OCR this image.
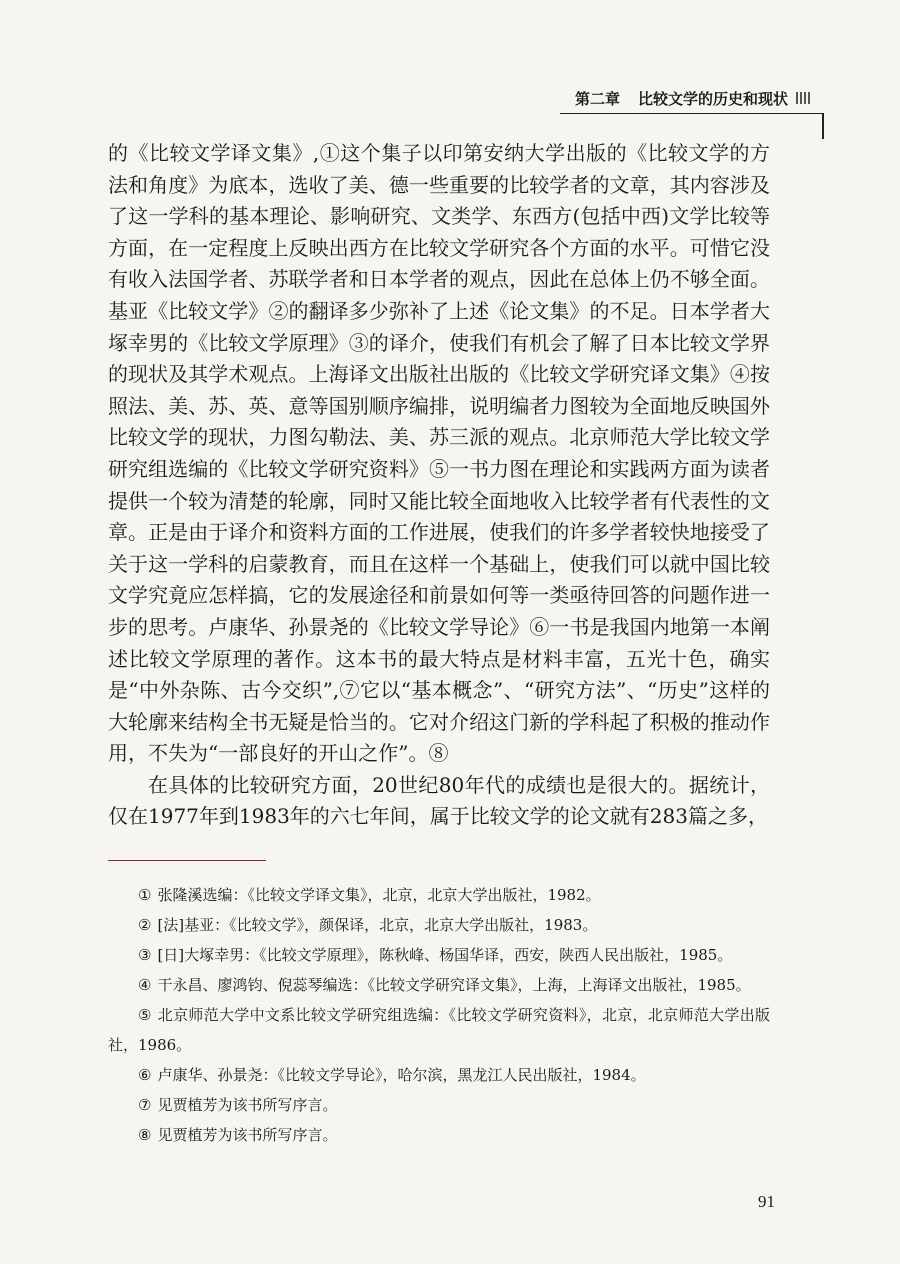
第二章 比较文学的历史和现状

的《比较文学译文集》,①这个集子以印第安纳大学出版的《比较文学的方法和角度》为底本，选收了美、德一些重要的比较学者的文章，其内容涉及了这一学科的基本理论、影响研究、文类学、东西方(包括中西)文学比较等方面，在一定程度上反映出西方在比较文学研究各个方面的水平。可惜它没有收入法国学者、苏联学者和日本学者的观点，因此在总体上仍不够全面。基亚《比较文学》②的翻译多少弥补了上述《论文集》的不足。日本学者大塚幸男的《比较文学原理》③的译介，使我们有机会了解了日本比较文学界的现状及其学术观点。上海译文出版社出版的《比较文学研究译文集》④按照法、美、苏、英、意等国别顺序编排，说明编者力图较为全面地反映国外比较文学的现状，力图勾勒法、美、苏三派的观点。北京师范大学比较文学研究组选编的《比较文学研究资料》⑤一书力图在理论和实践两方面为读者提供一个较为清楚的轮廓，同时又能比较全面地收入比较学者有代表性的文章。正是由于译介和资料方面的工作进展，使我们的许多学者较快地接受了关于这一学科的启蒙教育，而且在这样一个基础上，使我们可以就中国比较文学究竟应怎样搞，它的发展途径和前景如何等一类亟待回答的问题作进一步的思考。卢康华、孙景尧的《比较文学导论》⑥一书是我国内地第一本阐述比较文学原理的著作。这本书的最大特点是材料丰富，五光十色，确实是“中外杂陈、古今交织”,⑦它以“基本概念”、“研究方法”、“历史”这样的大轮廓来结构全书无疑是恰当的。它对介绍这门新的学科起了积极的推动作用，不失为“一部良好的开山之作”。⑧

在具体的比较研究方面，20世纪80年代的成绩也是很大的。据统计，仅在1977年到1983年的六七年间，属于比较文学的论文就有283篇之多，

① 张隆溪选编：《比较文学译文集》，北京，北京大学出版社，1982。

② [法]基亚：《比较文学》，颜保译，北京，北京大学出版社，1983。

③ [日]大塚幸男：《比较文学原理》，陈秋峰、杨国华译，西安，陕西人民出版社，1985。

④ 干永昌、廖鸿钧、倪蕊琴编选：《比较文学研究译文集》，上海，上海译文出版社，1985。

⑤ 北京师范大学中文系比较文学研究组选编：《比较文学研究资料》，北京，北京师范大学出版社，1986。

⑥ 卢康华、孙景尧：《比较文学导论》，哈尔滨，黑龙江人民出版社，1984。

⑦ 见贾植芳为该书所写序言。

⑧ 见贾植芳为该书所写序言。

91
